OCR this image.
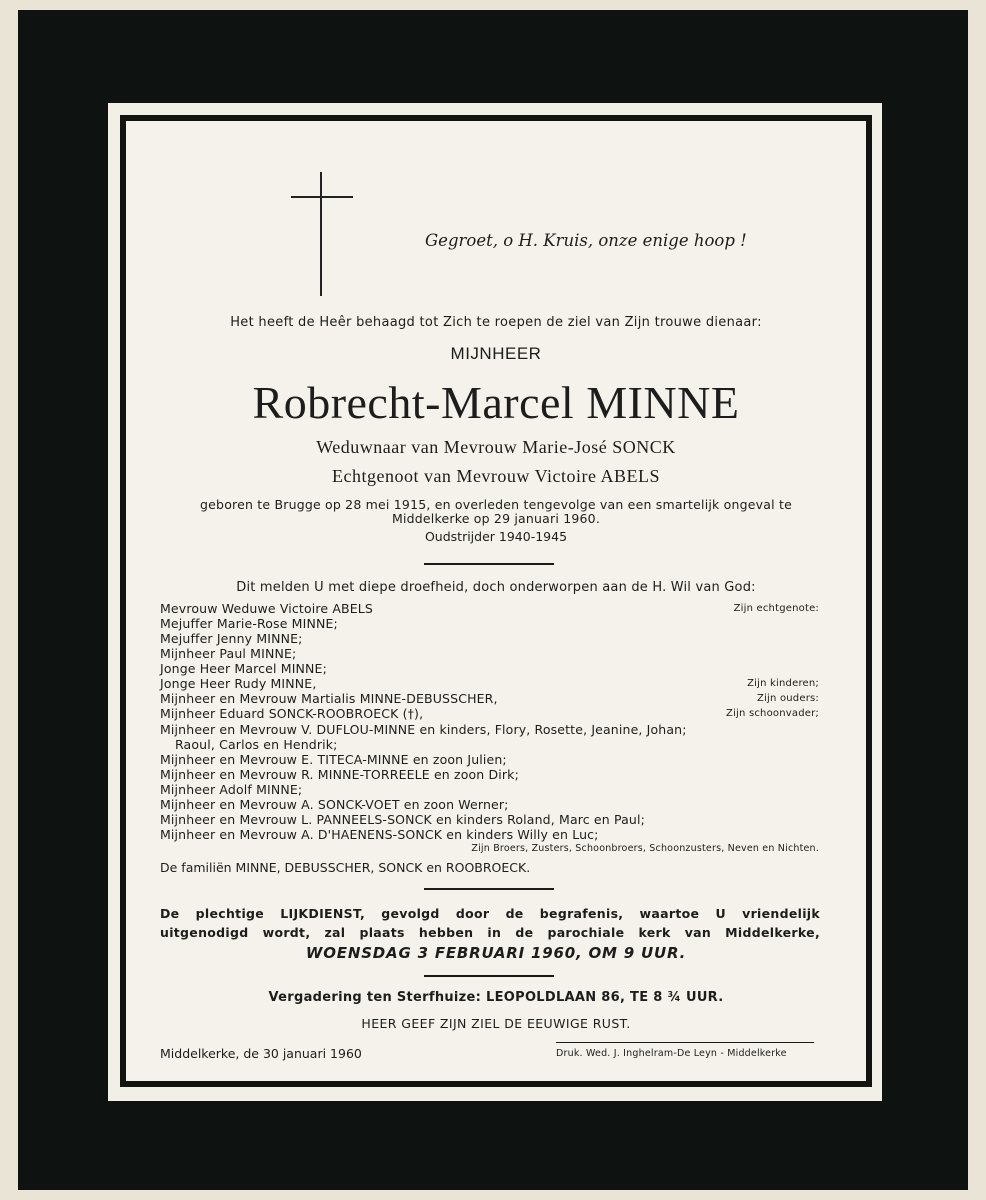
Gegroet, o H. Kruis, onze enige hoop !
Het heeft de Heêr behaagd tot Zich te roepen de ziel van Zijn trouwe dienaar:
MIJNHEER
Robrecht-Marcel MINNE
Weduwnaar van Mevrouw Marie-José SONCK
Echtgenoot van Mevrouw Victoire ABELS
geboren te Brugge op 28 mei 1915, en overleden tengevolge van een smartelijk ongeval te
Middelkerke op 29 januari 1960.
Oudstrijder 1940-1945
Dit melden U met diepe droefheid, doch onderworpen aan de H. Wil van God:
Mevrouw Weduwe Victoire ABELS	Zijn echtgenote:
Mejuffer Marie-Rose MINNE;
Mejuffer Jenny MINNE;
Mijnheer Paul MINNE;
Jonge Heer Marcel MINNE;
Jonge Heer Rudy MINNE,	Zijn kinderen;
Mijnheer en Mevrouw Martialis MINNE-DEBUSSCHER,	Zijn ouders:
Mijnheer Eduard SONCK-ROOBROECK (†),	Zijn schoonvader;
Mijnheer en Mevrouw V. DUFLOU-MINNE en kinders, Flory, Rosette, Jeanine, Johan;
Raoul, Carlos en Hendrik;
Mijnheer en Mevrouw E. TITECA-MINNE en zoon Julien;
Mijnheer en Mevrouw R. MINNE-TORREELE en zoon Dirk;
Mijnheer Adolf MINNE;
Mijnheer en Mevrouw A. SONCK-VOET en zoon Werner;
Mijnheer en Mevrouw L. PANNEELS-SONCK en kinders Roland, Marc en Paul;
Mijnheer en Mevrouw A. D'HAENENS-SONCK en kinders Willy en Luc;
Zijn Broers, Zusters, Schoonbroers, Schoonzusters, Neven en Nichten.
De familiën MINNE, DEBUSSCHER, SONCK en ROOBROECK.
De plechtige LIJKDIENST, gevolgd door de begrafenis, waartoe U vriendelijk
uitgenodigd wordt, zal plaats hebben in de parochiale kerk van Middelkerke,
WOENSDAG 3 FEBRUARI 1960, OM 9 UUR.
Vergadering ten Sterfhuize: LEOPOLDLAAN 86, TE 8 ¾ UUR.
HEER GEEF ZIJN ZIEL DE EEUWIGE RUST.
Middelkerke, de 30 januari 1960	Druk. Wed. J. Inghelram-De Leyn - Middelkerke
